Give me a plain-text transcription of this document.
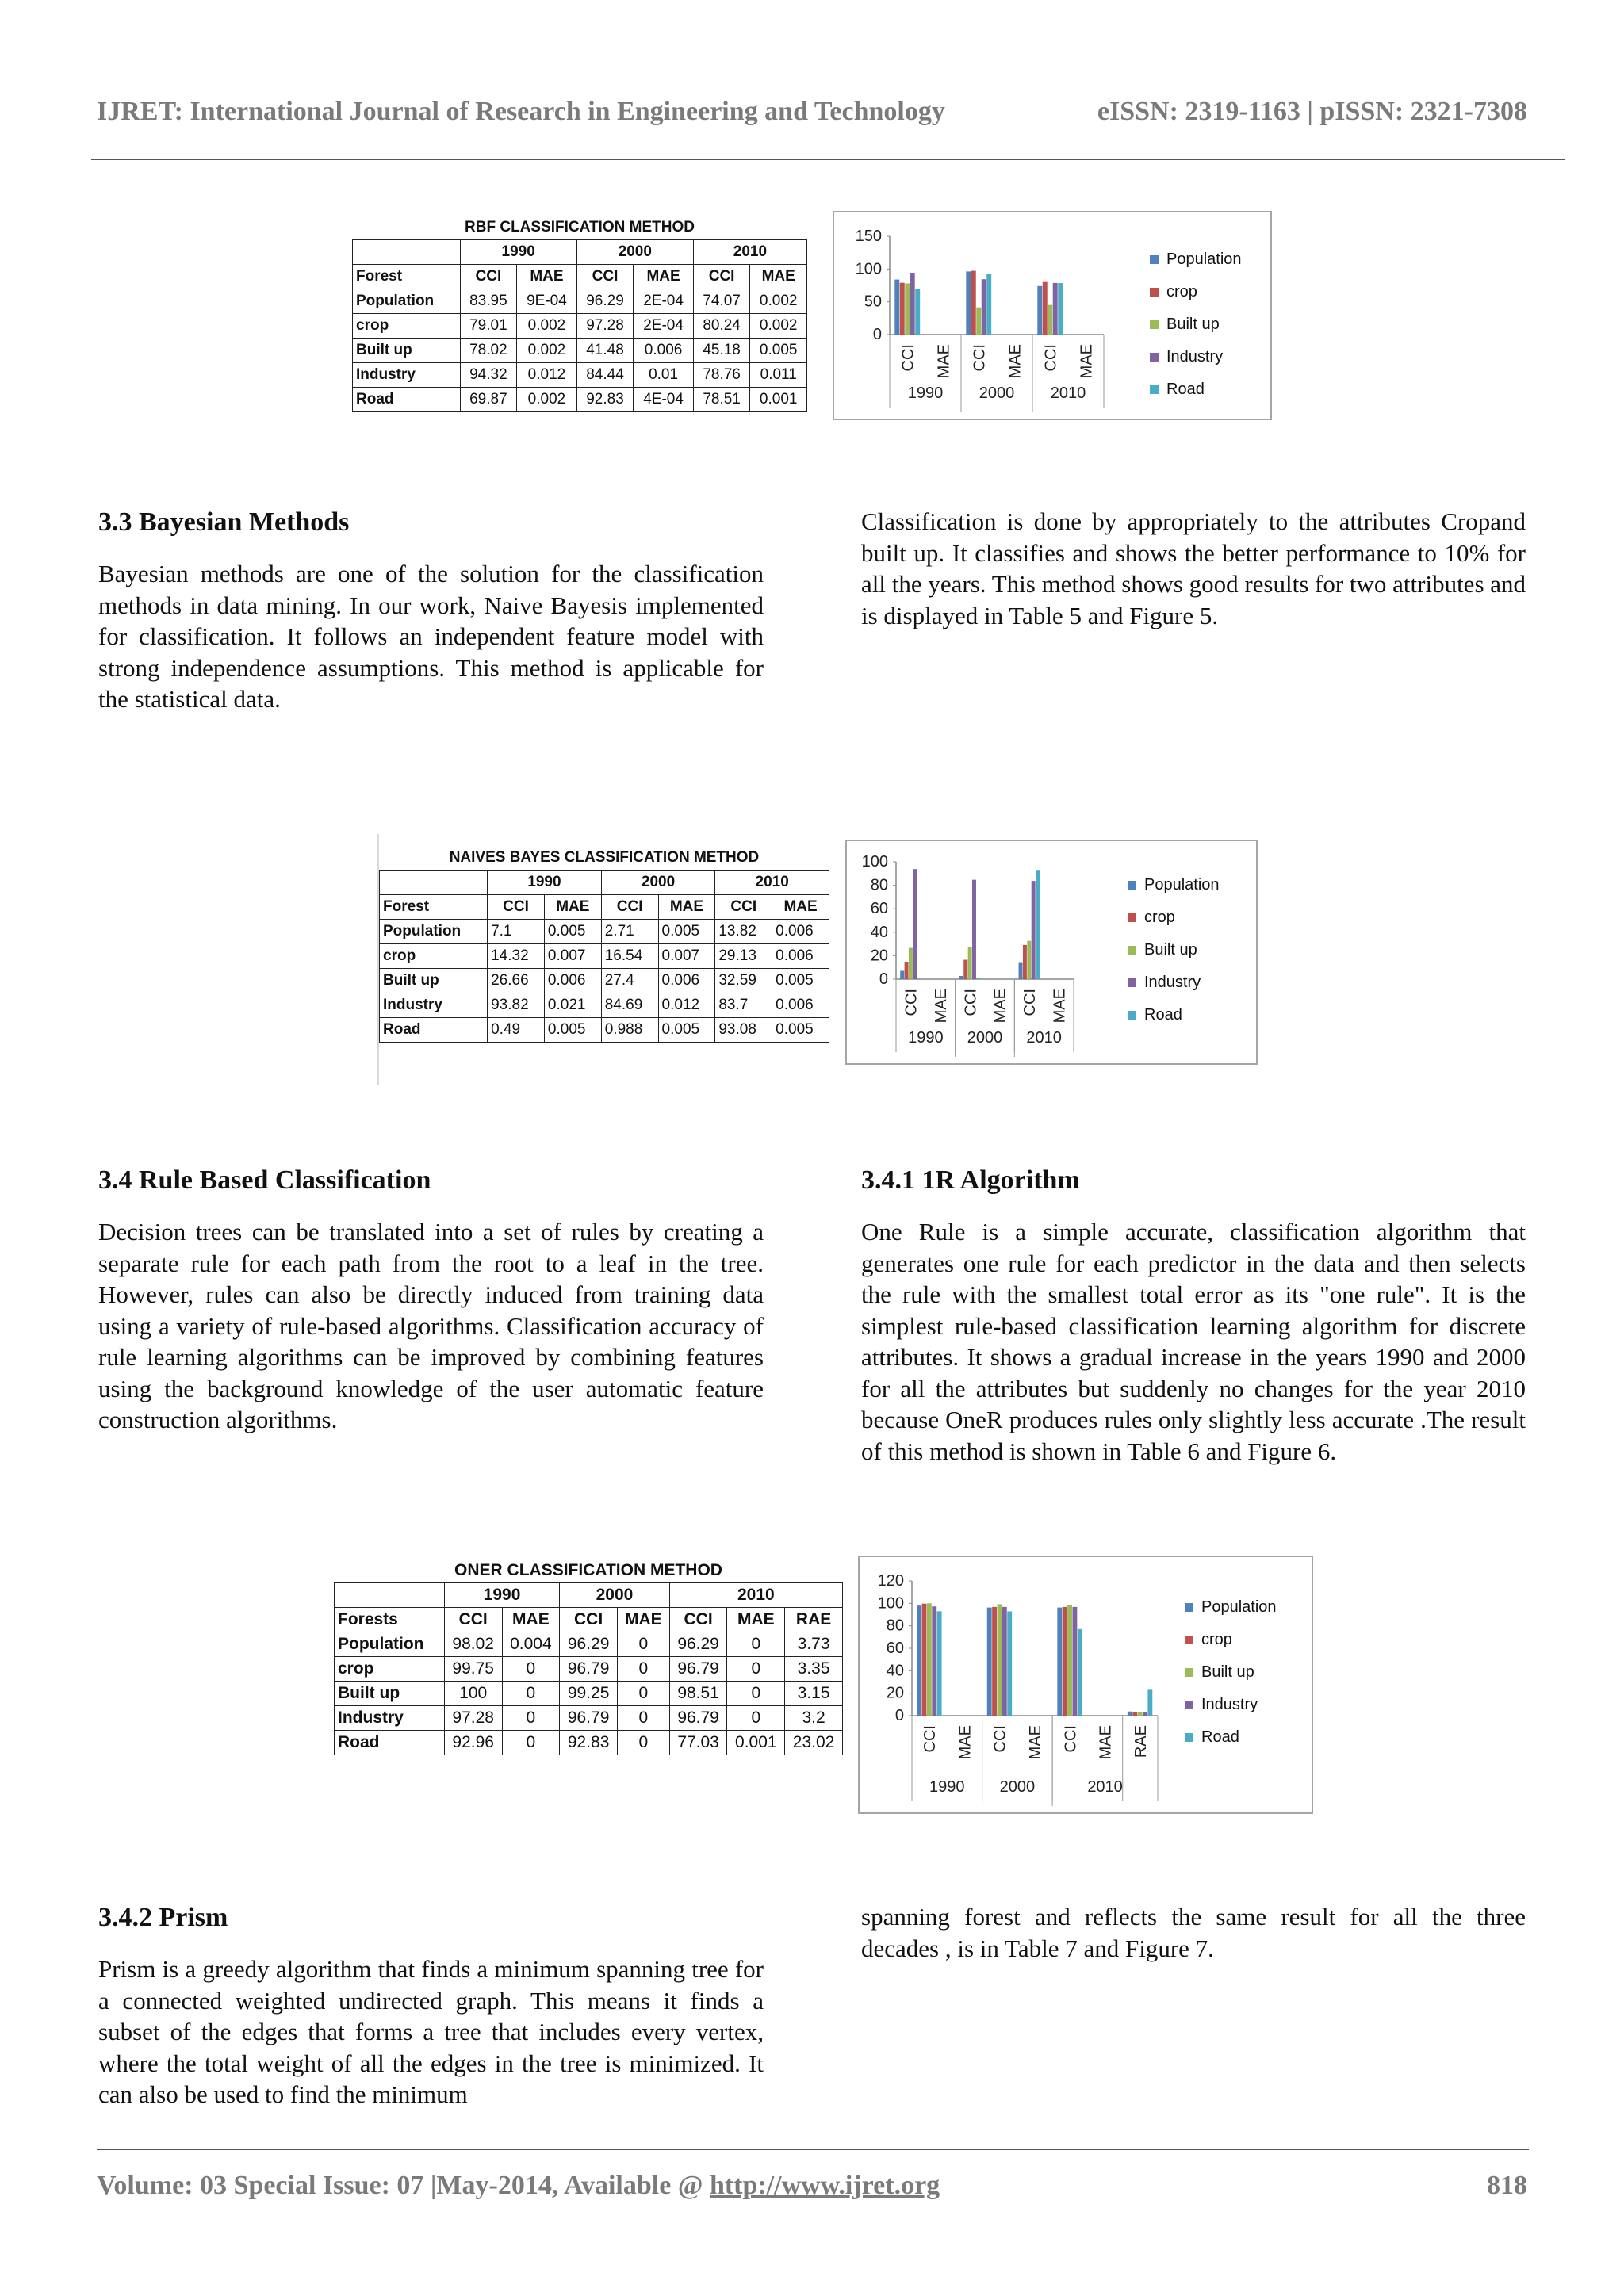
IJRET: International Journal of Research in Engineering and Technology	eISSN: 2319-1163 | pISSN: 2321-7308
RBF CLASSIFICATION METHOD						
	1990		2000		2010	
Forest	CCI	MAE	CCI	MAE	CCI	MAE
Population	83.95	9E-04	96.29	2E-04	74.07	0.002
crop	79.01	0.002	97.28	2E-04	80.24	0.002
Built up	78.02	0.002	41.48	0.006	45.18	0.005
Industry	94.32	0.012	84.44	0.01	78.76	0.011
Road	69.87	0.002	92.83	4E-04	78.51	0.001
0
50
100
150
CCI MAE CCI MAE CCI MAE
1990 2000 2010
Population
crop
Built up
Industry
Road
3.3 Bayesian Methods

Bayesian methods are one of the solution for the classification methods in data mining. In our work, Naive Bayesis implemented for classification. It follows an independent feature model with strong independence assumptions. This method is applicable for the statistical data.

Classification is done by appropriately to the attributes Cropand built up. It classifies and shows the better performance to 10% for all the years. This method shows good results for two attributes and is displayed in Table 5 and Figure 5.

NAIVES BAYES CLASSIFICATION METHOD						
	1990		2000		2010	
Forest	CCI	MAE	CCI	MAE	CCI	MAE
Population	7.1	0.005	2.71	0.005	13.82	0.006
crop	14.32	0.007	16.54	0.007	29.13	0.006
Built up	26.66	0.006	27.4	0.006	32.59	0.005
Industry	93.82	0.021	84.69	0.012	83.7	0.006
Road	0.49	0.005	0.988	0.005	93.08	0.005
0
20
40
60
80
100
CCI MAE CCI MAE CCI MAE
1990 2000 2010
Population
crop
Built up
Industry
Road
3.4 Rule Based Classification

Decision trees can be translated into a set of rules by creating a separate rule for each path from the root to a leaf in the tree. However, rules can also be directly induced from training data using a variety of rule-based algorithms. Classification accuracy of rule learning algorithms can be improved by combining features using the background knowledge of the user automatic feature construction algorithms.

3.4.1 1R Algorithm

One Rule is a simple accurate, classification algorithm that generates one rule for each predictor in the data and then selects the rule with the smallest total error as its "one rule". It is the simplest rule-based classification learning algorithm for discrete attributes. It shows a gradual increase in the years 1990 and 2000 for all the attributes but suddenly no changes for the year 2010 because OneR produces rules only slightly less accurate .The result of this method is shown in Table 6 and Figure 6.

ONER CLASSIFICATION METHOD							
	1990		2000		2010		
Forests	CCI	MAE	CCI	MAE	CCI	MAE	RAE
Population	98.02	0.004	96.29	0	96.29	0	3.73
crop	99.75	0	96.79	0	96.79	0	3.35
Built up	100	0	99.25	0	98.51	0	3.15
Industry	97.28	0	96.79	0	96.79	0	3.2
Road	92.96	0	92.83	0	77.03	0.001	23.02
0
20
40
60
80
100
120
CCI MAE CCI MAE CCI MAE RAE
1990 2000	2010
Population
crop
Built up
Industry
Road
3.4.2 Prism

Prism is a greedy algorithm that finds a minimum spanning tree for a connected weighted undirected graph. This means it finds a subset of the edges that forms a tree that includes every vertex, where the total weight of all the edges in the tree is minimized. It can also be used to find the minimum

spanning forest and reflects the same result for all the three decades , is in Table 7 and Figure 7.

Volume: 03 Special Issue: 07 |May-2014, Available @ http://www.ijret.org	818
